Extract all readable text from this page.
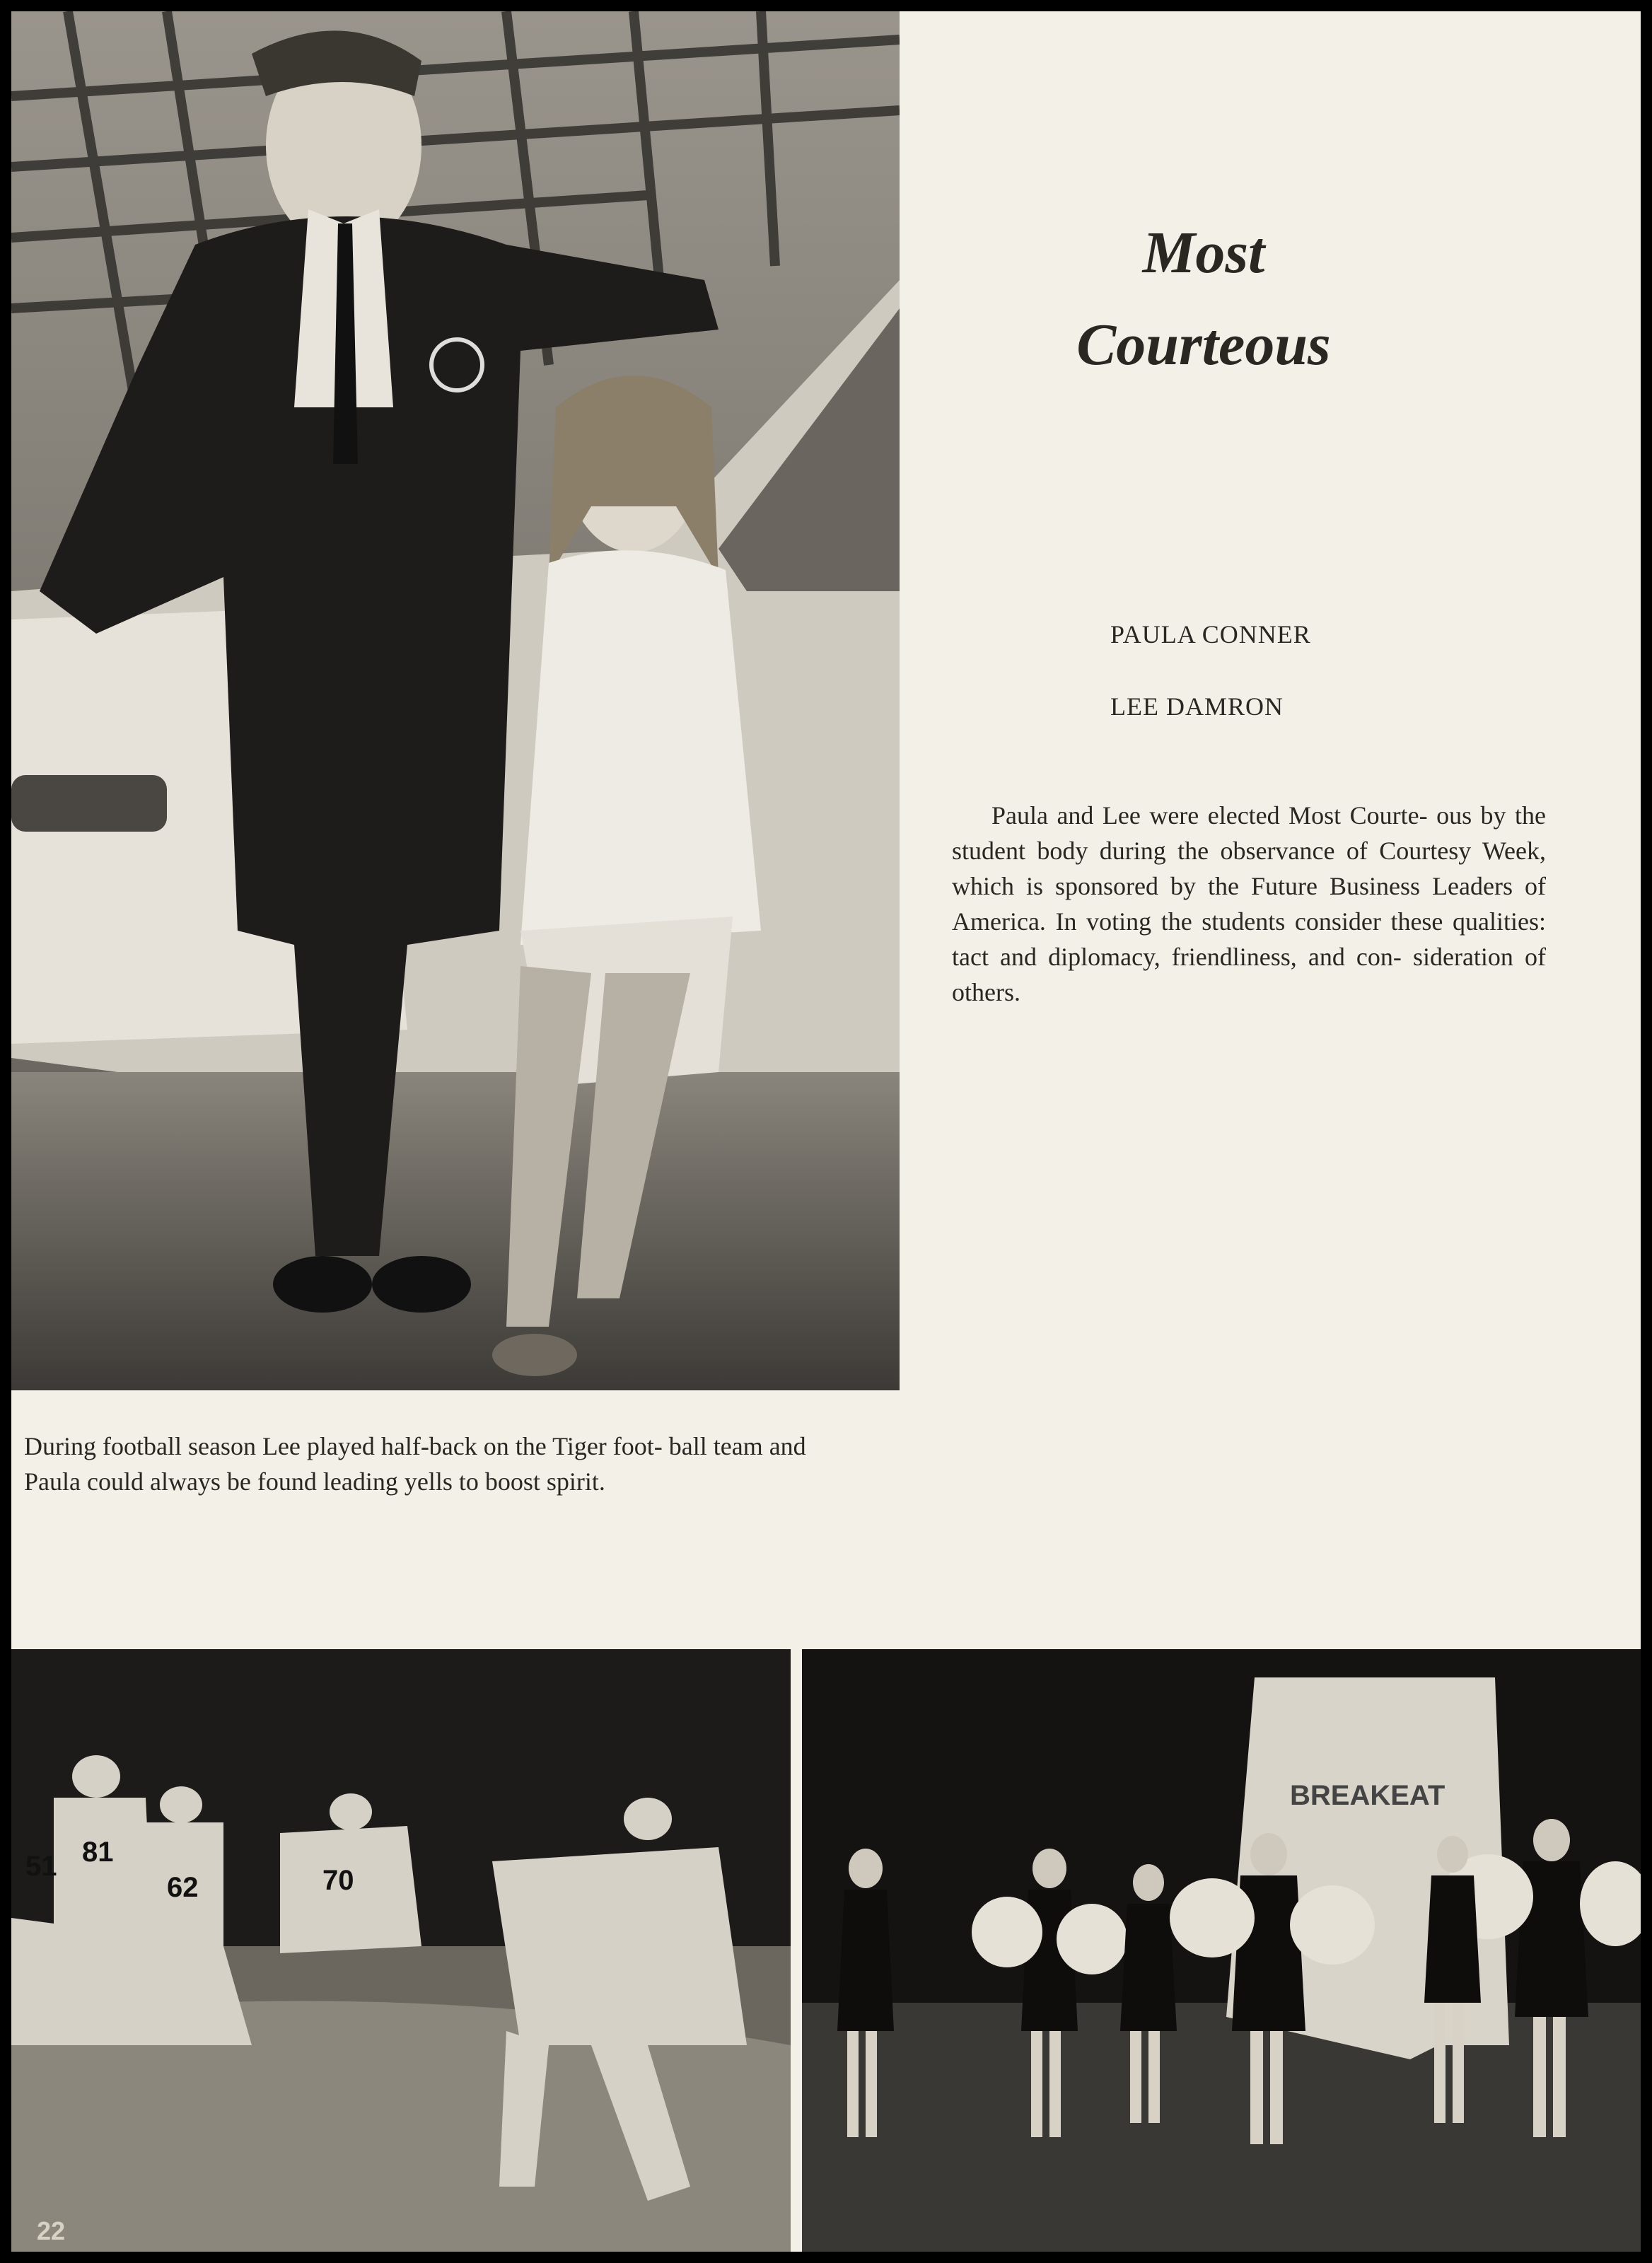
Most
Courteous
PAULA CONNER
LEE DAMRON

Paula and Lee were elected Most Courte- ous by the student body during the observance of Courtesy Week, which is sponsored by the Future Business Leaders of America. In voting the students consider these qualities: tact and diplomacy, friendliness, and con- sideration of others.

During football season Lee played half-back on the Tiger foot- ball team and Paula could always be found leading yells to boost spirit.

81
62
51	70
BREAKEAT
22
